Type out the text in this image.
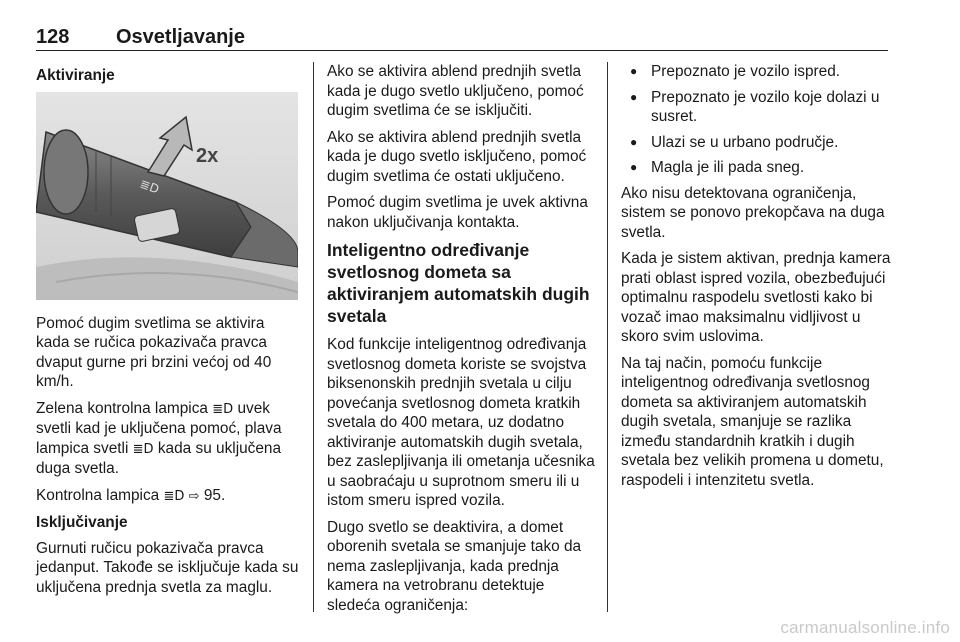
128 Osvetljavanje
Aktiviranje
≣D
2x

Pomoć dugim svetlima se aktivira kada se ručica pokazivača pravca dvaput gurne pri brzini većoj od 40 km/h.

Zelena kontrolna lampica ≣D uvek svetli kad je uključena pomoć, plava lampica svetli ≣D kada su uključena duga svetla.

Kontrolna lampica ≣D ⇨ 95.

Isključivanje

Gurnuti ručicu pokazivača pravca jedanput. Takođe se isključuje kada su uključena prednja svetla za maglu.

Ako se aktivira ablend prednjih svetla kada je dugo svetlo uključeno, pomoć dugim svetlima će se isključiti.

Ako se aktivira ablend prednjih svetla kada je dugo svetlo isključeno, pomoć dugim svetlima će ostati uključeno.

Pomoć dugim svetlima je uvek aktivna nakon uključivanja kontakta.

Inteligentno određivanje svetlosnog dometa sa aktiviranjem automatskih dugih svetala

Kod funkcije inteligentnog određivanja svetlosnog dometa koriste se svojstva biksenonskih prednjih svetala u cilju povećanja svetlosnog dometa kratkih svetala do 400 metara, uz dodatno aktiviranje automatskih dugih svetala, bez zaslepljivanja ili ometanja učesnika u saobraćaju u suprotnom smeru ili u istom smeru ispred vozila.

Dugo svetlo se deaktivira, a domet oborenih svetala se smanjuje tako da nema zaslepljivanja, kada prednja kamera na vetrobranu detektuje sledeća ograničenja:

● Prepoznato je vozilo ispred.
● Prepoznato je vozilo koje dolazi u susret.
● Ulazi se u urbano područje.
● Magla je ili pada sneg.

Ako nisu detektovana ograničenja, sistem se ponovo prekopčava na duga svetla.

Kada je sistem aktivan, prednja kamera prati oblast ispred vozila, obezbeđujući optimalnu raspodelu svetlosti kako bi vozač imao maksimalnu vidljivost u skoro svim uslovima.

Na taj način, pomoću funkcije inteligentnog određivanja svetlosnog dometa sa aktiviranjem automatskih dugih svetala, smanjuje se razlika između standardnih kratkih i dugih svetala bez velikih promena u dometu, raspodeli i intenzitetu svetla.

carmanualsonline.info
